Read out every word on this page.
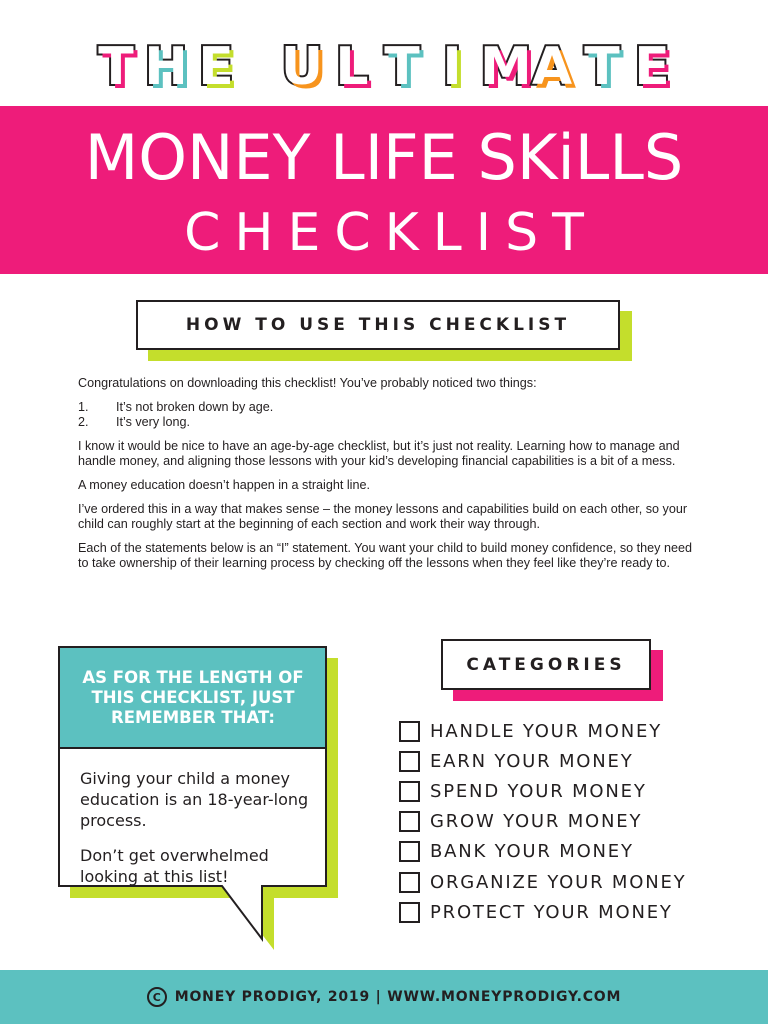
T H E U L T I M A T E
MONEY LIFE SKiLLS
CHECKLIST
HOW TO USE THIS CHECKLIST

Congratulations on downloading this checklist! You’ve probably noticed two things:

1.	It’s not broken down by age.
2.	It’s very long.

I know it would be nice to have an age-by-age checklist, but it’s just not reality. Learning how to manage and handle money, and aligning those lessons with your kid’s developing financial capabilities is a bit of a mess.

A money education doesn’t happen in a straight line.

I’ve ordered this in a way that makes sense – the money lessons and capabilities build on each other, so your child can roughly start at the beginning of each section and work their way through.

Each of the statements below is an “I” statement. You want your child to build money confidence, so they need to take ownership of their learning process by checking off the lessons when they feel like they’re ready to.

AS FOR THE LENGTH OF THIS CHECKLIST, JUST REMEMBER THAT:

Giving your child a money education is an 18-year-long process.

Don’t get overwhelmed looking at this list!

CATEGORIES
HANDLE YOUR MONEY
EARN YOUR MONEY
SPEND YOUR MONEY
GROW YOUR MONEY
BANK YOUR MONEY
ORGANIZE YOUR MONEY
PROTECT YOUR MONEY
C MONEY PRODIGY, 2019 | WWW.MONEYPRODIGY.COM
